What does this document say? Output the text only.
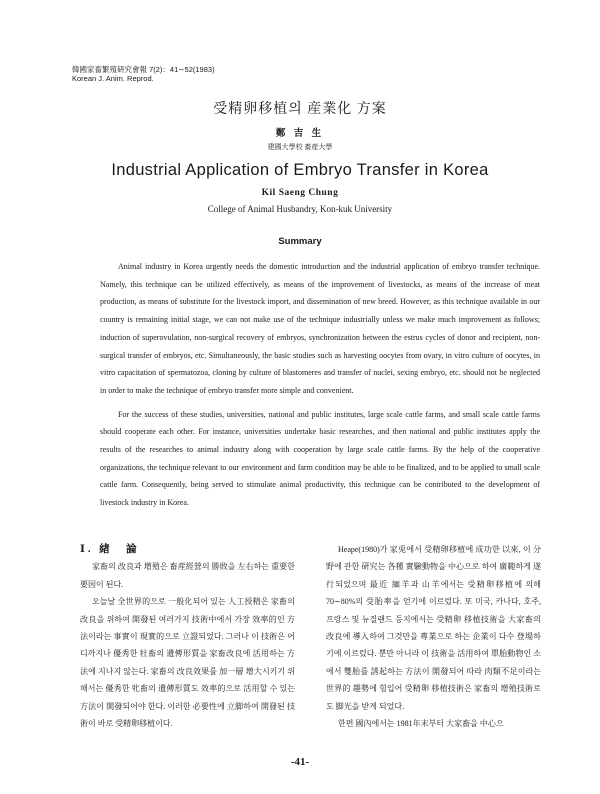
韓國家畜繁殖硏究會報 7(2)：41∼52(1983)
Korean J. Anim. Reprod.
受精卵移植의 産業化 方案
鄭 吉 生
建國大學校 畜産大學
Industrial Application of Embryo Transfer in Korea
Kil Saeng Chung
College of Animal Husbandry, Kon-kuk University
Summary

Animal industry in Korea urgently needs the domestic introduction and the industrial application of embryo transfer technique. Namely, this technique can be utilized effectively, as means of the improvement of livestocks, as means of the increase of meat production, as means of substitute for the livestock import, and dissemination of new breed. However, as this technique available in our country is remaining initial stage, we can not make use of the technique industrially unless we make much improvement as follows; induction of superovulation, non-surgical recovery of embryos, synchronization between the estrus cycles of donor and recipient, non-surgical transfer of embryos, etc. Simultaneously, the basic studies such as harvesting oocytes from ovary, in vitro culture of oocytes, in vitro capacitation of spermatozoa, cloning by culture of blastomeres and transfer of nuclei, sexing embryo, etc. should not be neglected in order to make the technique of embryo transfer more simple and convenient.

For the success of these studies, universities, national and public institutes, large scale cattle farms, and small scale cattle farms should cooperate each other. For instance, universities undertake basic researches, and then national and public institutes apply the results of the researches to animal industry along with cooperation by large scale cattle farms. By the help of the cooperative organizations, the technique relevant to our environment and farm condition may be able to be finalized, and to be applied to small scale cattle farm. Consequently, being served to stimulate animal productivity, this technique can be contributed to the development of livestock industry in Korea.

Ⅰ. 緖　論

家畜의 改良과 增殖은 畜産經營의 勝敗을 左右하는 重要한 要因이 된다.

오늘날 全世界的으로 一般化되어 있는 人工授精은 家畜의 改良을 위하여 開發된 여러가지 技術中에서 가장 效率的인 方法이라는 事實이 現實的으로 立證되었다. 그러나 이 技術은 어디까지나 優秀한 牡畜의 遺傳形質을 家畜改良에 活用하는 方法에 지나지 않는다. 家畜의 改良效果를 加一層 增大시키기 위해서는 優秀한 牝畜의 遺傳形質도 效率的으로 活用할 수 있는 方法이 開發되어야 한다. 이러한 必要性에 立脚하여 開發된 技術이 바로 受精卵移植이다.

Heape(1980)가 家兎에서 受精卵移植에 成功한 以來, 이 分野에 관한 硏究는 各種 實驗動物을 中心으로 하여 廣範하게 遂行되었으며 最近 緬羊과 山羊에서는 受精卵移植에 의해 70∼80%의 受胎率을 얻기에 이르렀다. 또 미국, 카나다, 호주, 프랑스 및 뉴질랜드 등지에서는 受精卵 移植技術을 大家畜의 改良에 導入하여 그것만을 專業으로 하는 企業이 다수 登場하기에 이르렀다. 뿐만 아니라 이 技術을 活用하여 單胎動物인 소에서 雙胎를 誘起하는 方法이 開發되어 따라 肉類不足이라는 世界的 趨勢에 힘입어 受精卵 移植技術은 家畜의 增殖技術로도 脚光을 받게 되었다.

한편 國內에서는 1981年末부터 大家畜을 中心으

-41-
